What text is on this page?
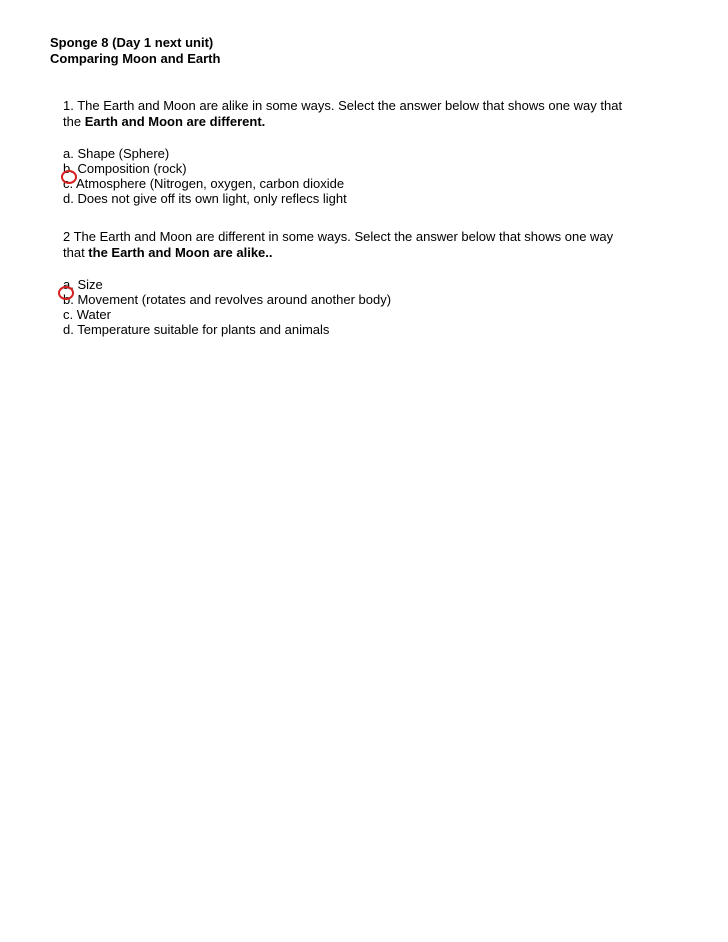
Sponge 8 (Day 1 next unit)
Comparing Moon and Earth
1. The Earth and Moon are alike in some ways. Select the answer below that shows one way that
the Earth and Moon are different.
a. Shape (Sphere)
b. Composition (rock)
c. Atmosphere (Nitrogen, oxygen, carbon dioxide
d. Does not give off its own light, only reflecs light
2 The Earth and Moon are different in some ways. Select the answer below that shows one way
that the Earth and Moon are alike..
a. Size
b. Movement (rotates and revolves around another body)
c. Water
d. Temperature suitable for plants and animals
